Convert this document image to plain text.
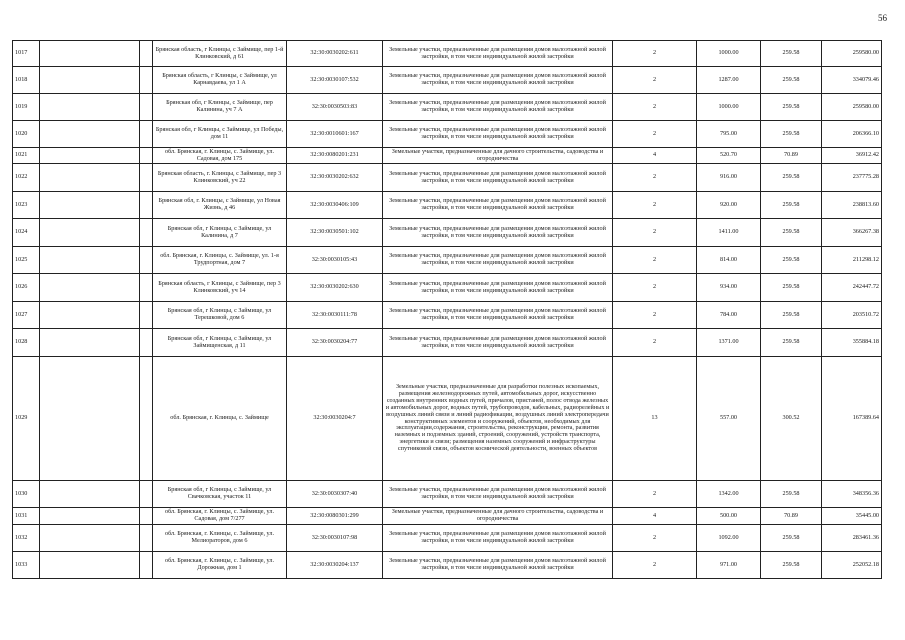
56
1017			Брянская область, г Клинцы, с Займище, пер 1-й Клинковский, д 61	32:30:0030202:611	Земельные участки, предназначенные для размещения домов малоэтажной жилой застройки, в том числе индивидуальной жилой застройки	2	1000.00	259.58	259580.00
1018			Брянская область, г Клинцы, с Займище, ул Карнавдаева, ул 1 А	32:30:0030107:532	Земельные участки, предназначенные для размещения домов малоэтажной жилой застройки, в том числе индивидуальной жилой застройки	2	1287.00	259.58	334079.46
1019			Брянская обл, г Клинцы, с Займище, пер Калинина, уч 7 А	32:30:0030503:83	Земельные участки, предназначенные для размещения домов малоэтажной жилой застройки, в том числе индивидуальной жилой застройки	2	1000.00	259.58	259580.00
1020			Брянская обл, г Клинцы, с Займище, ул Победы, дом 11	32:30:0010601:167	Земельные участки, предназначенные для размещения домов малоэтажной жилой застройки, в том числе индивидуальной жилой застройки	2	795.00	259.58	206366.10
1021			обл. Брянская, г. Клинцы, с. Займище, ул. Садовая, дом 175	32:30:0080201:231	Земельные участки, предназначенные для дачного строительства, садоводства и огородничества	4	520.70	70.89	36912.42
1022			Брянская область, г. Клинцы, с Займище, пер 3 Клинковский, уч 22	32:30:0030202:632	Земельные участки, предназначенные для размещения домов малоэтажной жилой застройки, в том числе индивидуальной жилой застройки	2	916.00	259.58	237775.28
1023			Брянская обл, г. Клинцы, с Займище, ул Новая Жизнь, д 46	32:30:0030406:109	Земельные участки, предназначенные для размещения домов малоэтажной жилой застройки, в том числе индивидуальной жилой застройки	2	920.00	259.58	238813.60
1024			Брянская обл, г Клинцы, с Займище, ул Калинина, д 7	32:30:0030501:102	Земельные участки, предназначенные для размещения домов малоэтажной жилой застройки, в том числе индивидуальной жилой застройки	2	1411.00	259.58	366267.38
1025			обл. Брянская, г. Клинцы, с. Займище, ул. 1-я Трудпортная, дом 7	32:30:0030105:43	Земельные участки, предназначенные для размещения домов малоэтажной жилой застройки, в том числе индивидуальной жилой застройки	2	814.00	259.58	211298.12
1026			Брянская область, г Клинцы, с Займище, пер 3 Клинковский, уч 14	32:30:0030202:630	Земельные участки, предназначенные для размещения домов малоэтажной жилой застройки, в том числе индивидуальной жилой застройки	2	934.00	259.58	242447.72
1027			Брянская обл, г Клинцы, с Займище, ул Терешковой, дом 6	32:30:0030111:78	Земельные участки, предназначенные для размещения домов малоэтажной жилой застройки, в том числе индивидуальной жилой застройки	2	784.00	259.58	203510.72
1028			Брянская обл, г Клинцы, с Займище, ул Займищенская, д 11	32:30:0030204:77	Земельные участки, предназначенные для размещения домов малоэтажной жилой застройки, в том числе индивидуальной жилой застройки	2	1371.00	259.58	355884.18
1029			обл. Брянская, г. Клинцы, с. Займище	32:30:0030204:7	Земельные участки, предназначенные для разработки полезных ископаемых, размещения железнодорожных путей, автомобильных дорог, искусственно созданных внутренних водных путей, причалов, пристаней, полос отвода железных и автомобильных дорог, водных путей, трубопроводов, кабельных, радиорелейных и воздушных линий связи и линий радиофикации, воздушных линий электропередачи конструктивных элементов и сооружений, объектов, необходимых для эксплуатации,содержания, строительства, реконструкции, ремонта, развития наземных и подземных зданий, строений, сооружений, устройств транспорта, энергетики и связи; размещения наземных сооружений и инфраструктуры спутниковой связи, объектов космической деятельности, военных объектов	13	557.00	300.52	167389.64
1030			Брянская обл, г Клинцы, с Займище, ул Свачковская, участок 11	32:30:0030307:40	Земельные участки, предназначенные для размещения домов малоэтажной жилой застройки, в том числе индивидуальной жилой застройки	2	1342.00	259.58	348356.36
1031			обл. Брянская, г. Клинцы, с. Займище, ул. Садовая, дом 7/277	32:30:0080301:299	Земельные участки, предназначенные для дачного строительства, садоводства и огородничества	4	500.00	70.89	35445.00
1032			обл. Брянская, г. Клинцы, с. Займище, ул. Мелиораторов, дом 6	32:30:0030107:98	Земельные участки, предназначенные для размещения домов малоэтажной жилой застройки, в том числе индивидуальной жилой застройки	2	1092.00	259.58	283461.36
1033			обл. Брянская, г. Клинцы, с. Займище, ул. Дорожная, дом 1	32:30:0030204:137	Земельные участки, предназначенные для размещения домов малоэтажной жилой застройки, в том числе индивидуальной жилой застройки	2	971.00	259.58	252052.18
